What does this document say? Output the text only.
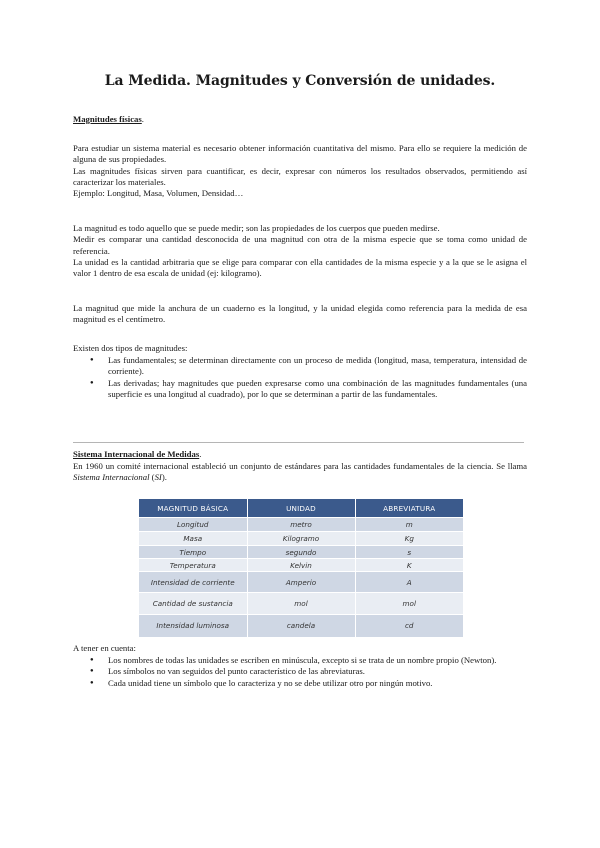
La Medida. Magnitudes y Conversión de unidades.
Magnitudes físicas.

Para estudiar un sistema material es necesario obtener información cuantitativa del mismo. Para ello se requiere la medición de alguna de sus propiedades.

Las magnitudes físicas sirven para cuantificar, es decir, expresar con números los resultados observados, permitiendo así caracterizar los materiales.

Ejemplo: Longitud, Masa, Volumen, Densidad…

La magnitud es todo aquello que se puede medir; son las propiedades de los cuerpos que pueden medirse.

Medir es comparar una cantidad desconocida de una magnitud con otra de la misma especie que se toma como unidad de referencia.

La unidad es la cantidad arbitraria que se elige para comparar con ella cantidades de la misma especie y a la que se le asigna el valor 1 dentro de esa escala de unidad (ej: kilogramo).

La magnitud que mide la anchura de un cuaderno es la longitud, y la unidad elegida como referencia para la medida de esa magnitud es el centímetro.

Existen dos tipos de magnitudes:

● Las fundamentales; se determinan directamente con un proceso de medida (longitud, masa, temperatura, intensidad de corriente).
● Las derivadas; hay magnitudes que pueden expresarse como una combinación de las magnitudes fundamentales (una superficie es una longitud al cuadrado), por lo que se determinan a partir de las fundamentales.
Sistema Internacional de Medidas.

En 1960 un comité internacional estableció un conjunto de estándares para las cantidades fundamentales de la ciencia. Se llama Sistema Internacional (SI).

MAGNITUD BÁSICA	UNIDAD	ABREVIATURA
Longitud	metro	m
Masa	Kilogramo	Kg
Tiempo	segundo	s
Temperatura	Kelvin	K
Intensidad de corriente	Amperio	A
Cantidad de sustancia	mol	mol
Intensidad luminosa	candela	cd

A tener en cuenta:

● Los nombres de todas las unidades se escriben en minúscula, excepto si se trata de un nombre propio (Newton).
● Los símbolos no van seguidos del punto característico de las abreviaturas.
● Cada unidad tiene un símbolo que lo caracteriza y no se debe utilizar otro por ningún motivo.
